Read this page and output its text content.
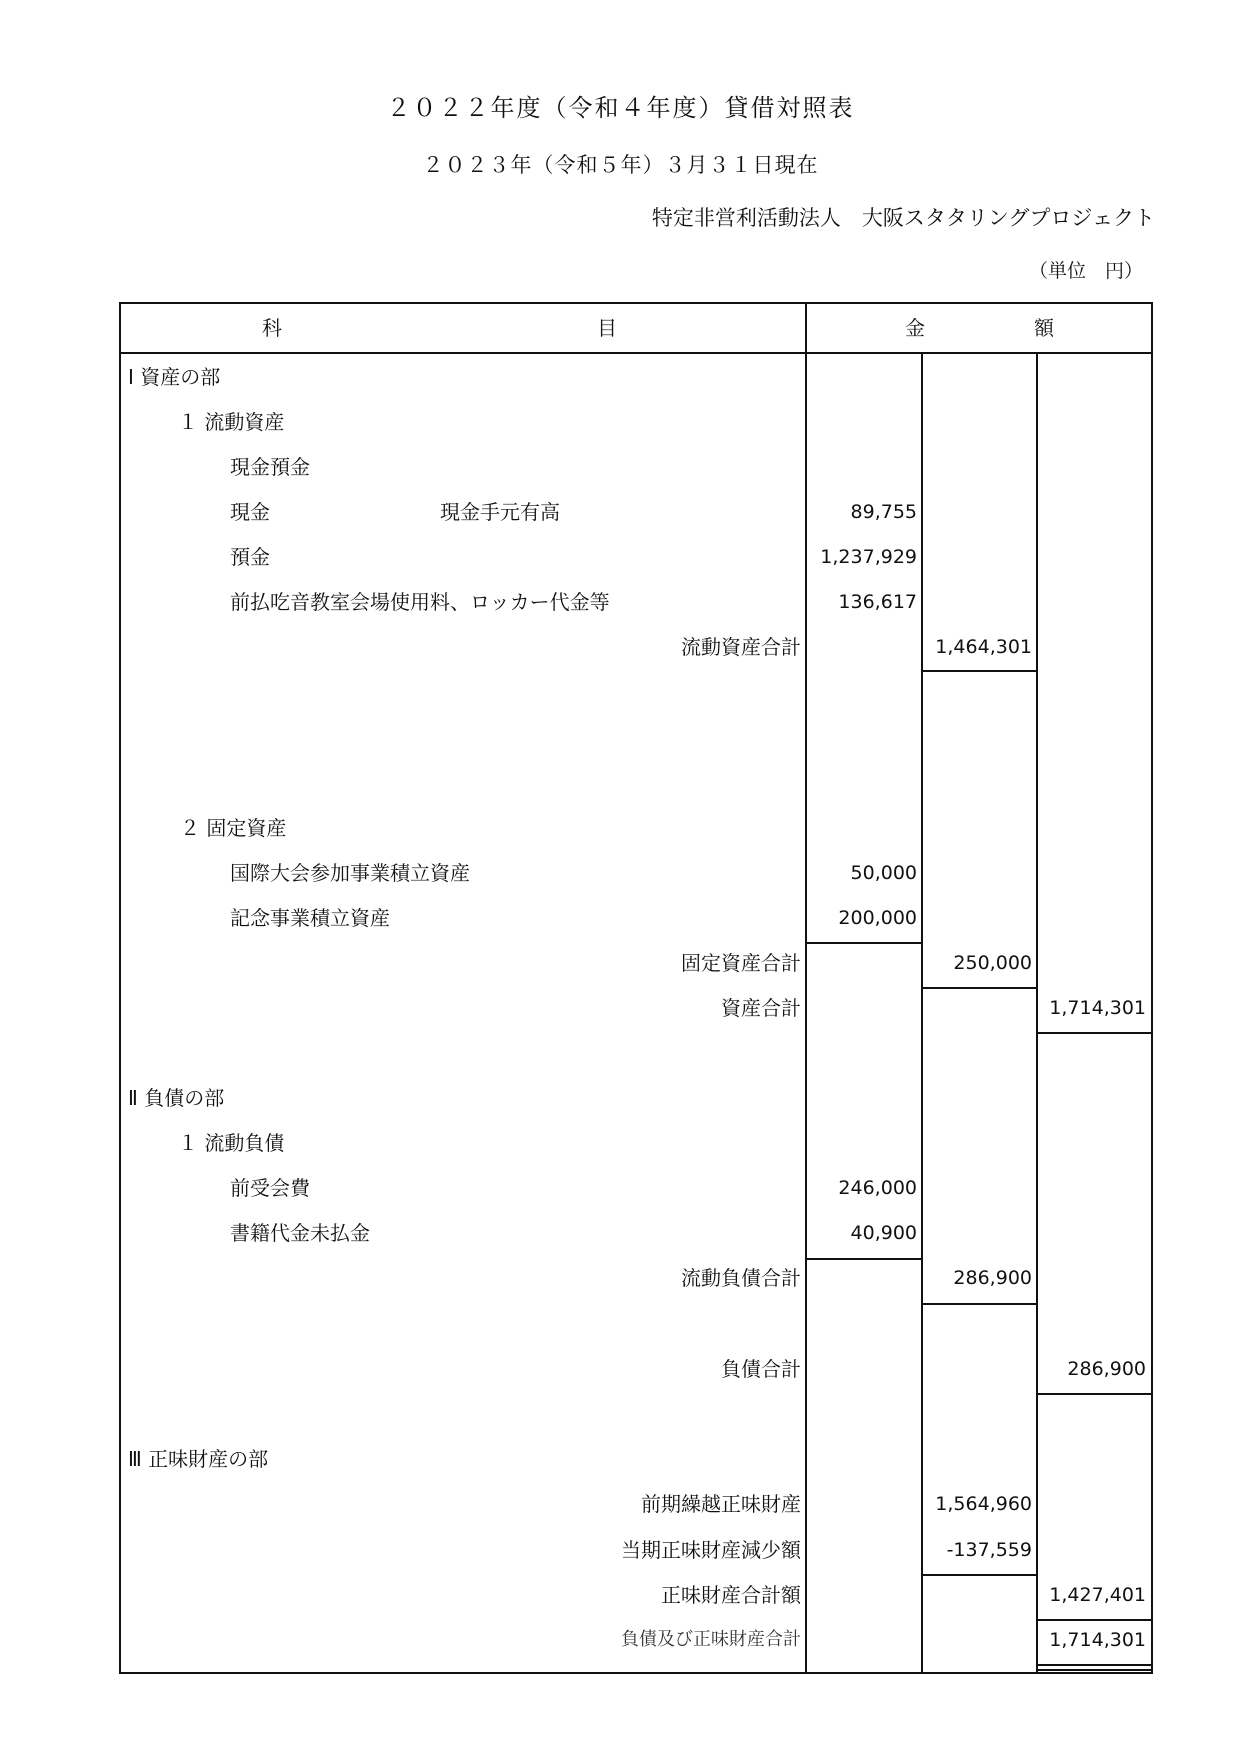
２０２２年度（令和４年度）貸借対照表
２０２３年（令和５年）３月３１日現在
特定非営利活動法人　大阪スタタリングプロジェクト
（単位　円）
科	目	金	額
Ⅰ 資産の部
１ 流動資産
現金預金
現金	現金手元有高	89,755
預金	1,237,929
前払吃音教室会場使用料、ロッカー代金等	136,617
流動資産合計	1,464,301
２ 固定資産
国際大会参加事業積立資産	50,000
記念事業積立資産	200,000
固定資産合計	250,000
資産合計	1,714,301
Ⅱ 負債の部
１ 流動負債
前受会費	246,000
書籍代金未払金	40,900
流動負債合計	286,900
負債合計	286,900
Ⅲ 正味財産の部
前期繰越正味財産	1,564,960
当期正味財産減少額	-137,559
正味財産合計額	1,427,401
負債及び正味財産合計	1,714,301
